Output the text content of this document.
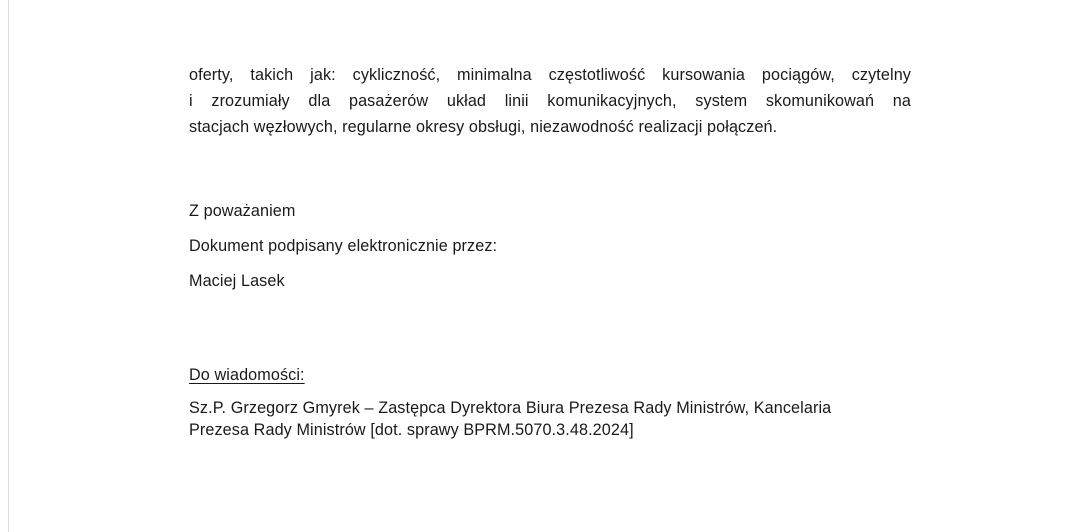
oferty, takich jak: cykliczność, minimalna częstotliwość kursowania pociągów, czytelny
i zrozumiały dla pasażerów układ linii komunikacyjnych, system skomunikowań na
stacjach węzłowych, regularne okresy obsługi, niezawodność realizacji połączeń.

Z poważaniem
Dokument podpisany elektronicznie przez:
Maciej Lasek
Do wiadomości:
Sz.P. Grzegorz Gmyrek – Zastępca Dyrektora Biura Prezesa Rady Ministrów, Kancelaria
Prezesa Rady Ministrów [dot. sprawy BPRM.5070.3.48.2024]
